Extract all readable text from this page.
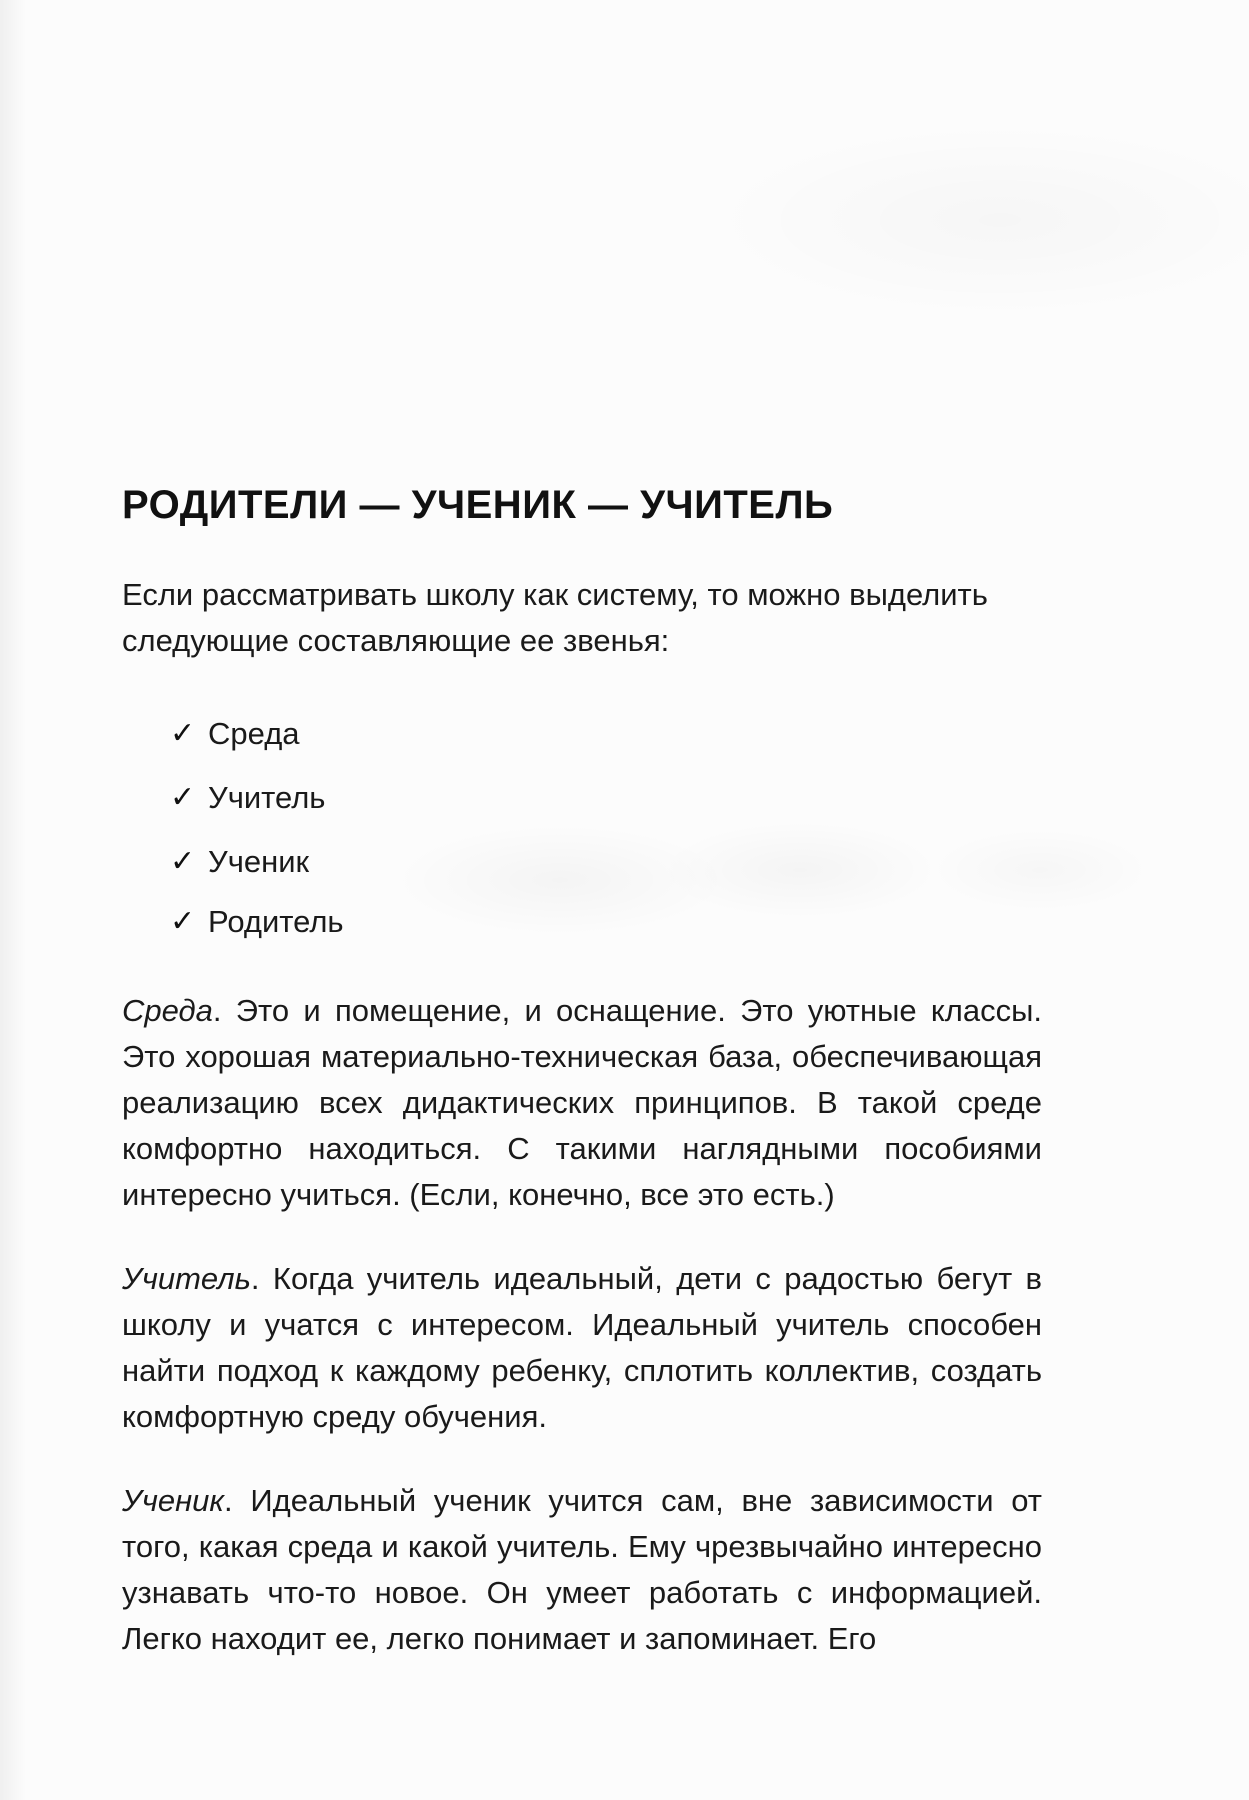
РОДИТЕЛИ — УЧЕНИК — УЧИТЕЛЬ

Если рассматривать школу как систему, то можно выделить следующие составляющие ее звенья:

✓ Среда
✓ Учитель
✓ Ученик
✓ Родитель

Среда. Это и помещение, и оснащение. Это уютные классы. Это хорошая материально-техническая база, обеспечивающая реализацию всех дидактических принципов. В такой среде комфортно находиться. С такими наглядными пособиями интересно учиться. (Если, конечно, все это есть.)

Учитель. Когда учитель идеальный, дети с радостью бегут в школу и учатся с интересом. Идеальный учитель способен найти подход к каждому ребенку, сплотить коллектив, создать комфортную среду обучения.

Ученик. Идеальный ученик учится сам, вне зависимости от того, какая среда и какой учитель. Ему чрезвычайно интересно узнавать что-то новое. Он умеет работать с информацией. Легко находит ее, легко понимает и запоминает. Его
